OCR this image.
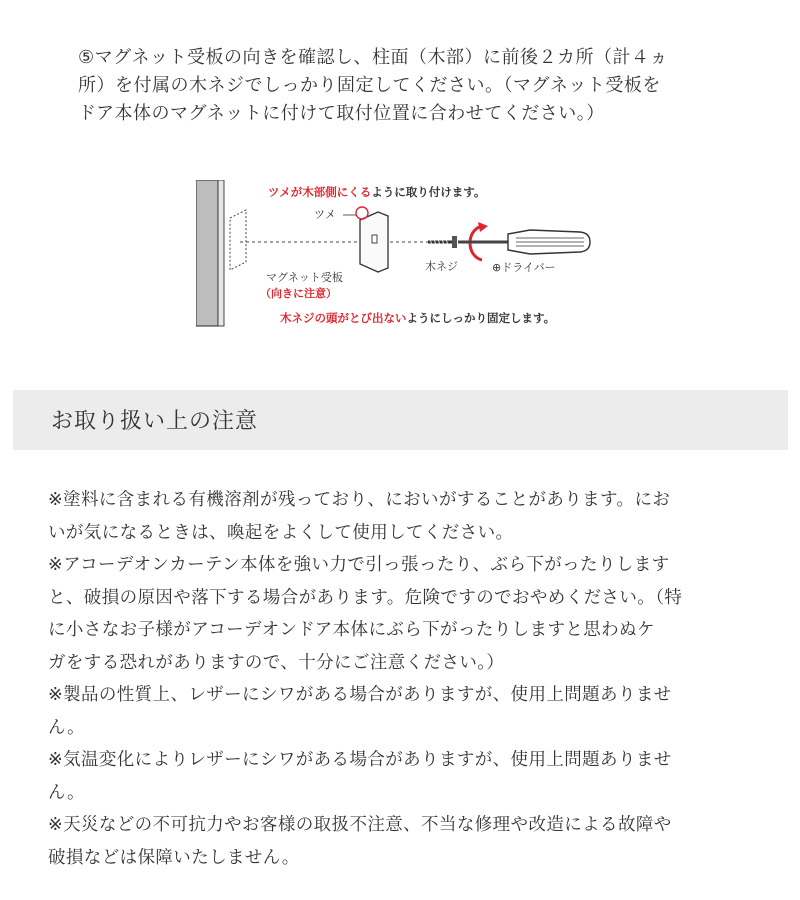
⑤マグネット受板の向きを確認し、柱面（木部）に前後２カ所（計４ヵ
所）を付属の木ネジでしっかり固定してください。（マグネット受板を
ドア本体のマグネットに付けて取付位置に合わせてください。）
ツメが木部側にくるように取り付けます。
ツメ
マグネット受板
（向きに注意）
木ネジ	⊕ドライバー
木ネジの頭がとび出ないようにしっかり固定します。
お取り扱い上の注意
※塗料に含まれる有機溶剤が残っており、においがすることがあります。にお
いが気になるときは、喚起をよくして使用してください。
※アコーデオンカーテン本体を強い力で引っ張ったり、ぶら下がったりします
と、破損の原因や落下する場合があります。危険ですのでおやめください。（特
に小さなお子様がアコーデオンドア本体にぶら下がったりしますと思わぬケ
ガをする恐れがありますので、十分にご注意ください。）
※製品の性質上、レザーにシワがある場合がありますが、使用上問題ありませ
ん。
※気温変化によりレザーにシワがある場合がありますが、使用上問題ありませ
ん。
※天災などの不可抗力やお客様の取扱不注意、不当な修理や改造による故障や
破損などは保障いたしません。
